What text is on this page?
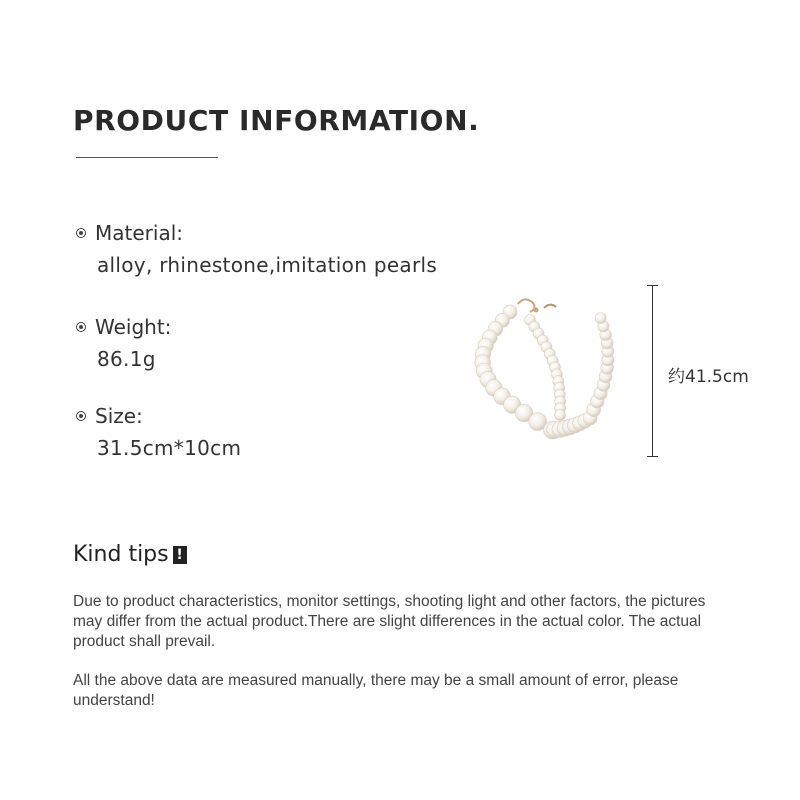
PRODUCT INFORMATION.
Material:
alloy, rhinestone,imitation pearls
Weight:
86.1g
Size:
31.5cm*10cm
约41.5cm
Kind tips !

Due to product characteristics, monitor settings, shooting light and other factors, the pictures may differ from the actual product.There are slight differences in the actual color. The actual product shall prevail.

All the above data are measured manually, there may be a small amount of error, please understand!
